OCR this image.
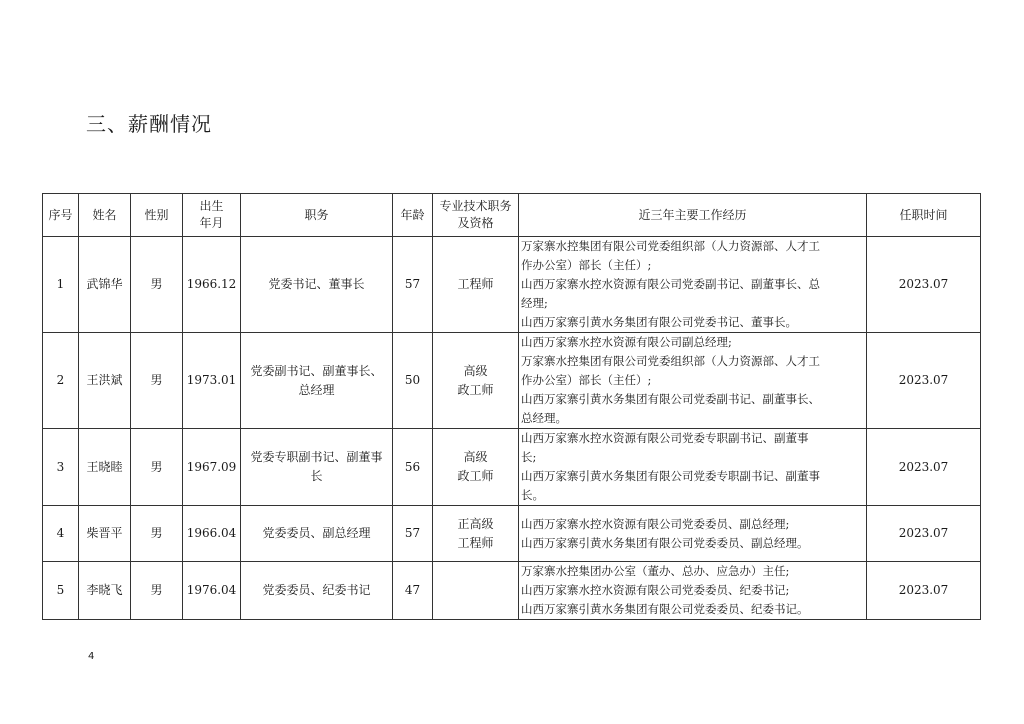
三、薪酬情况
序号	姓名	性别	出生
年月	职务	年龄	专业技术职务
及资格	近三年主要工作经历	任职时间
1	武锦华	男	1966.12	党委书记、董事长	57	工程师	万家寨水控集团有限公司党委组织部（人力资源部、人才工
作办公室）部长（主任）;
山西万家寨水控水资源有限公司党委副书记、副董事长、总
经理;
山西万家寨引黄水务集团有限公司党委书记、董事长。	2023.07
2	王洪斌	男	1973.01	党委副书记、副董事长、
总经理	50	高级
政工师	山西万家寨水控水资源有限公司副总经理;
万家寨水控集团有限公司党委组织部（人力资源部、人才工
作办公室）部长（主任）;
山西万家寨引黄水务集团有限公司党委副书记、副董事长、
总经理。	2023.07
3	王晓睦	男	1967.09	党委专职副书记、副董事
长	56	高级
政工师	山西万家寨水控水资源有限公司党委专职副书记、副董事
长;
山西万家寨引黄水务集团有限公司党委专职副书记、副董事
长。	2023.07
4	柴晋平	男	1966.04	党委委员、副总经理	57	正高级
工程师	山西万家寨水控水资源有限公司党委委员、副总经理;
山西万家寨引黄水务集团有限公司党委委员、副总经理。	2023.07
5	李晓飞	男	1976.04	党委委员、纪委书记	47		万家寨水控集团办公室（董办、总办、应急办）主任;
山西万家寨水控水资源有限公司党委委员、纪委书记;
山西万家寨引黄水务集团有限公司党委委员、纪委书记。	2023.07
4
